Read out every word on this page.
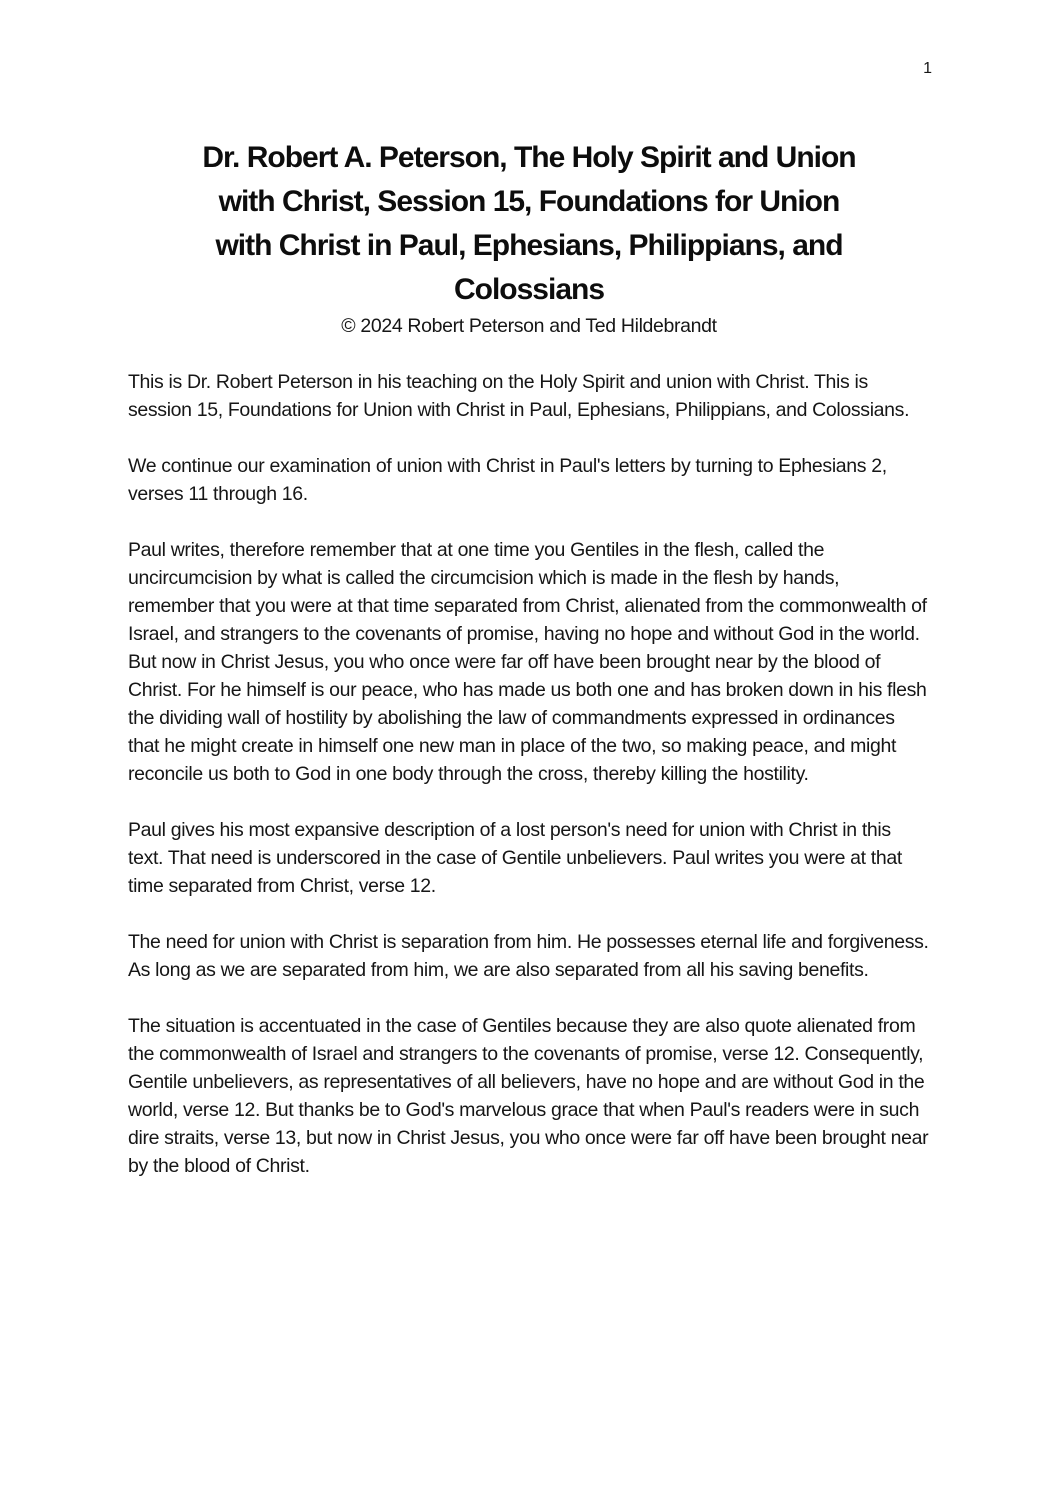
1
Dr. Robert A. Peterson, The Holy Spirit and Union
with Christ, Session 15, Foundations for Union
with Christ in Paul, Ephesians, Philippians, and
Colossians
© 2024 Robert Peterson and Ted Hildebrandt

This is Dr. Robert Peterson in his teaching on the Holy Spirit and union with Christ. This is session 15, Foundations for Union with Christ in Paul, Ephesians, Philippians, and Colossians.

We continue our examination of union with Christ in Paul's letters by turning to Ephesians 2, verses 11 through 16.

Paul writes, therefore remember that at one time you Gentiles in the flesh, called the uncircumcision by what is called the circumcision which is made in the flesh by hands, remember that you were at that time separated from Christ, alienated from the commonwealth of Israel, and strangers to the covenants of promise, having no hope and without God in the world. But now in Christ Jesus, you who once were far off have been brought near by the blood of Christ. For he himself is our peace, who has made us both one and has broken down in his flesh the dividing wall of hostility by abolishing the law of commandments expressed in ordinances that he might create in himself one new man in place of the two, so making peace, and might reconcile us both to God in one body through the cross, thereby killing the hostility.

Paul gives his most expansive description of a lost person's need for union with Christ in this text. That need is underscored in the case of Gentile unbelievers. Paul writes you were at that time separated from Christ, verse 12.

The need for union with Christ is separation from him. He possesses eternal life and forgiveness. As long as we are separated from him, we are also separated from all his saving benefits.

The situation is accentuated in the case of Gentiles because they are also quote alienated from the commonwealth of Israel and strangers to the covenants of promise, verse 12. Consequently, Gentile unbelievers, as representatives of all believers, have no hope and are without God in the world, verse 12. But thanks be to God's marvelous grace that when Paul's readers were in such dire straits, verse 13, but now in Christ Jesus, you who once were far off have been brought near by the blood of Christ.
